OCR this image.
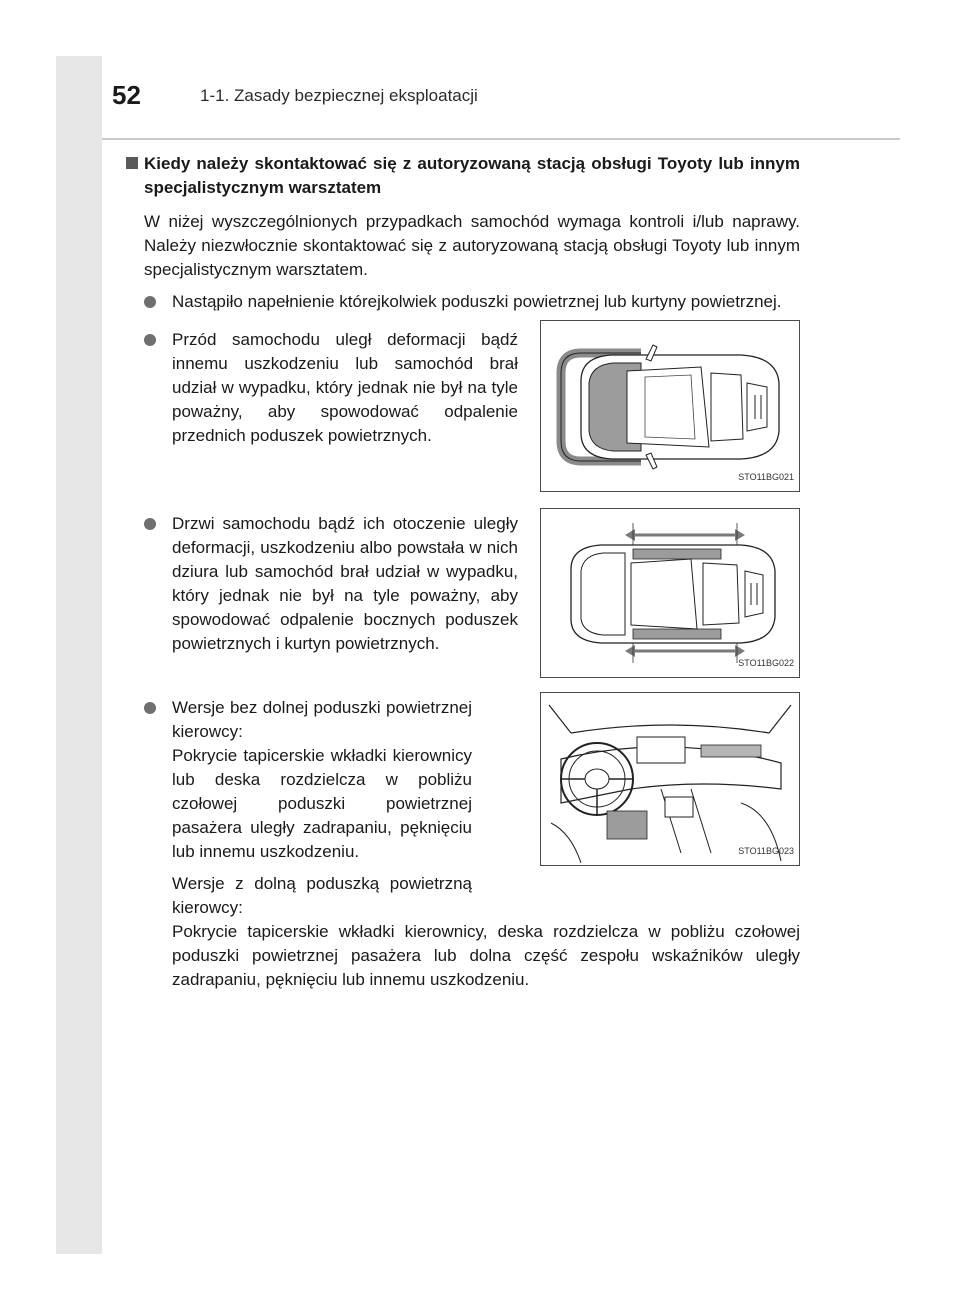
52	1-1. Zasady bezpiecznej eksploatacji
Kiedy należy skontaktować się z autoryzowaną stacją obsługi Toyoty lub innym specjalistycznym warsztatem
W niżej wyszczególnionych przypadkach samochód wymaga kontroli i/lub naprawy. Należy niezwłocznie skontaktować się z autoryzowaną stacją obsługi Toyoty lub innym specjalistycznym warsztatem.
Nastąpiło napełnienie którejkolwiek poduszki powietrznej lub kurtyny powietrznej.
Przód samochodu uległ deformacji bądź innemu uszkodzeniu lub samochód brał udział w wypadku, który jednak nie był na tyle poważny, aby spowodować odpalenie przednich poduszek powietrznych.
STO11BG021
Drzwi samochodu bądź ich otoczenie uległy deformacji, uszkodzeniu albo powstała w nich dziura lub samochód brał udział w wypadku, który jednak nie był na tyle poważny, aby spowodować odpalenie bocznych poduszek powietrznych i kurtyn powietrznych.
STO11BG022
Wersje bez dolnej poduszki powietrznej kierowcy:
Pokrycie tapicerskie wkładki kierownicy lub deska rozdzielcza w pobliżu czołowej poduszki powietrznej pasażera uległy zadrapaniu, pęknięciu lub innemu uszkodzeniu.
Wersje z dolną poduszką powietrzną kierowcy:
STO11BG023
Pokrycie tapicerskie wkładki kierownicy, deska rozdzielcza w pobliżu czołowej poduszki powietrznej pasażera lub dolna część zespołu wskaźników uległy zadrapaniu, pęknięciu lub innemu uszkodzeniu.
